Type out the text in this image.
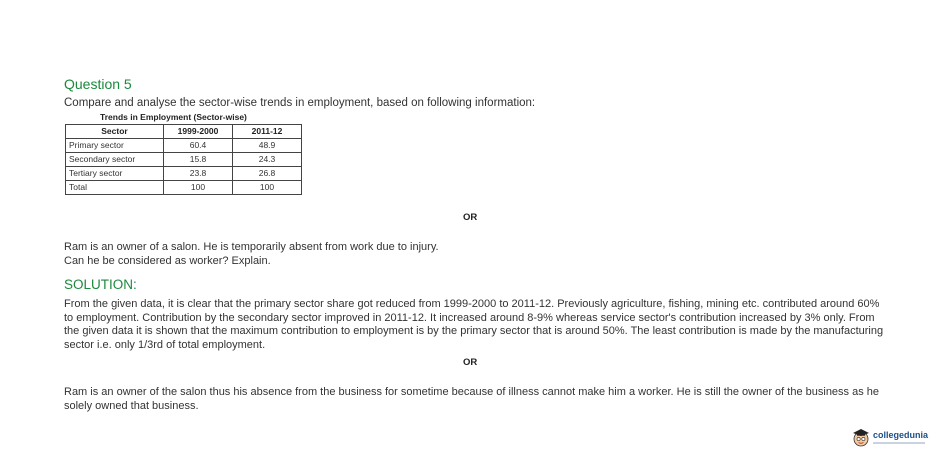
Question 5
Compare and analyse the sector-wise trends in employment, based on following information:
Trends in Employment (Sector-wise)
Sector	1999-2000	2011-12
Primary sector	60.4	48.9
Secondary sector	15.8	24.3
Tertiary sector	23.8	26.8
Total	100	100
OR
Ram is an owner of a salon. He is temporarily absent from work due to injury.
Can he be considered as worker? Explain.
SOLUTION:
From the given data, it is clear that the primary sector share got reduced from 1999-2000 to 2011-12. Previously agriculture, fishing, mining etc. contributed around 60% to employment. Contribution by the secondary sector improved in 2011-12. It increased around 8-9% whereas service sector's contribution increased by 3% only. From the given data it is shown that the maximum contribution to employment is by the primary sector that is around 50%. The least contribution is made by the manufacturing sector i.e. only 1/3rd of total employment.
OR
Ram is an owner of the salon thus his absence from the business for sometime because of illness cannot make him a worker. He is still the owner of the business as he solely owned that business.
collegedunia
